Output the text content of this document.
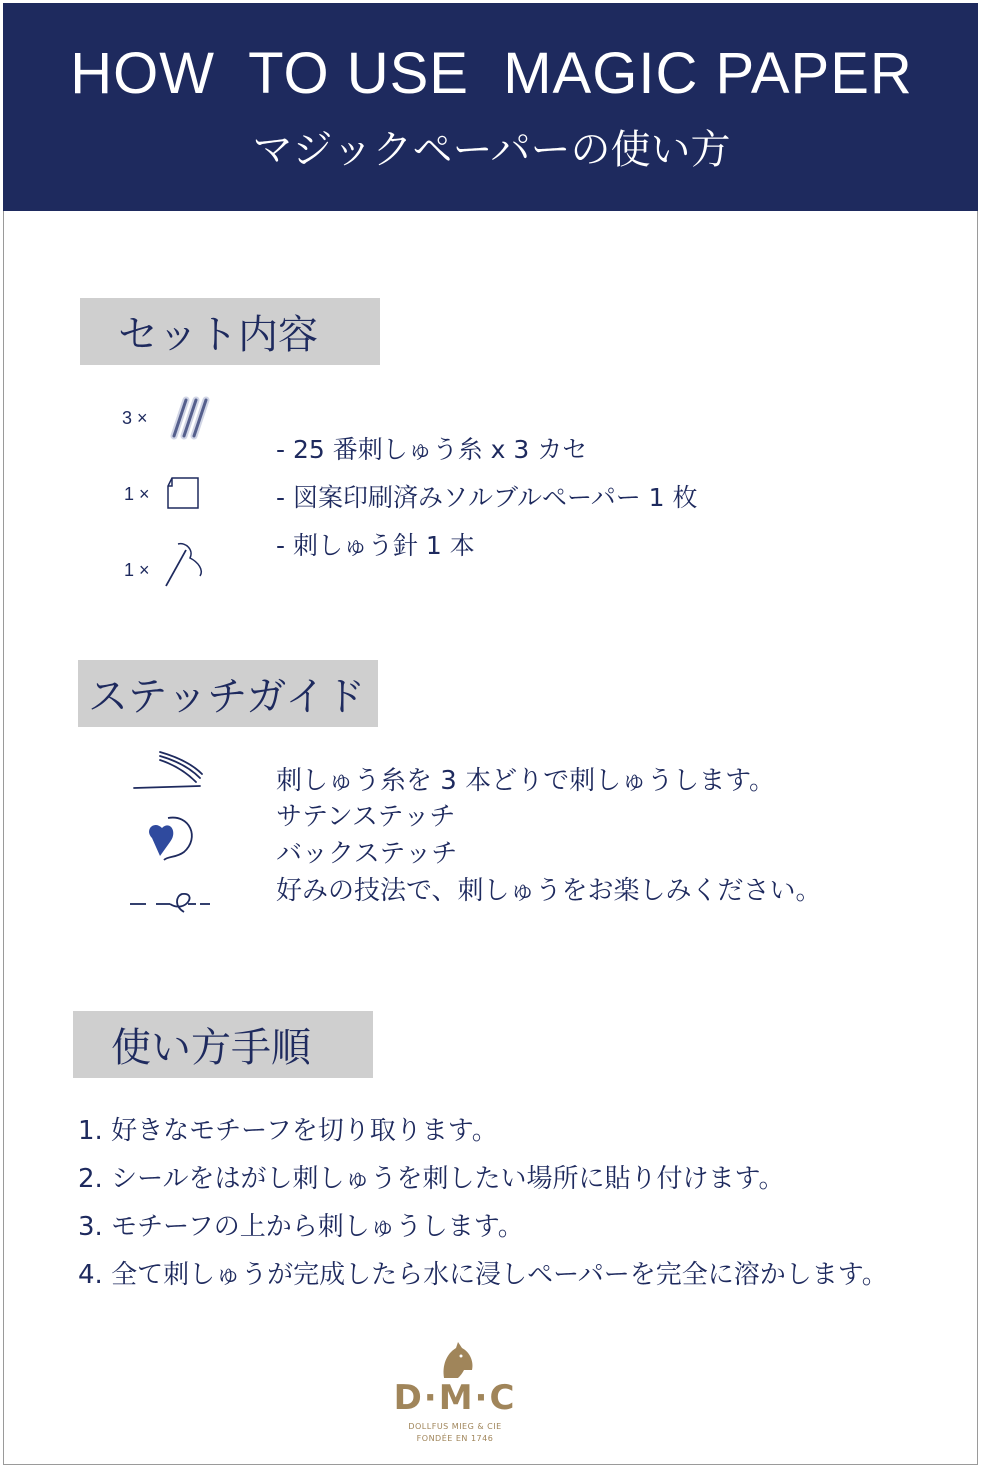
HOW  TO USE  MAGIC PAPER
マジックペーパーの使い方
セット内容
3 ×
1 ×
1 ×
- 25 番刺しゅう糸 x 3 カセ
- 図案印刷済みソルブルペーパー 1 枚
- 刺しゅう針 1 本
ステッチガイド
刺しゅう糸を 3 本どりで刺しゅうします。
サテンステッチ
バックステッチ
好みの技法で、刺しゅうをお楽しみください。
使い方手順
1. 好きなモチーフを切り取ります。
2. シールをはがし刺しゅうを刺したい場所に貼り付けます。
3. モチーフの上から刺しゅうします。
4. 全て刺しゅうが完成したら水に浸しペーパーを完全に溶かします。
D·M·C
DOLLFUS MIEG & CIE
FONDÉE EN 1746
